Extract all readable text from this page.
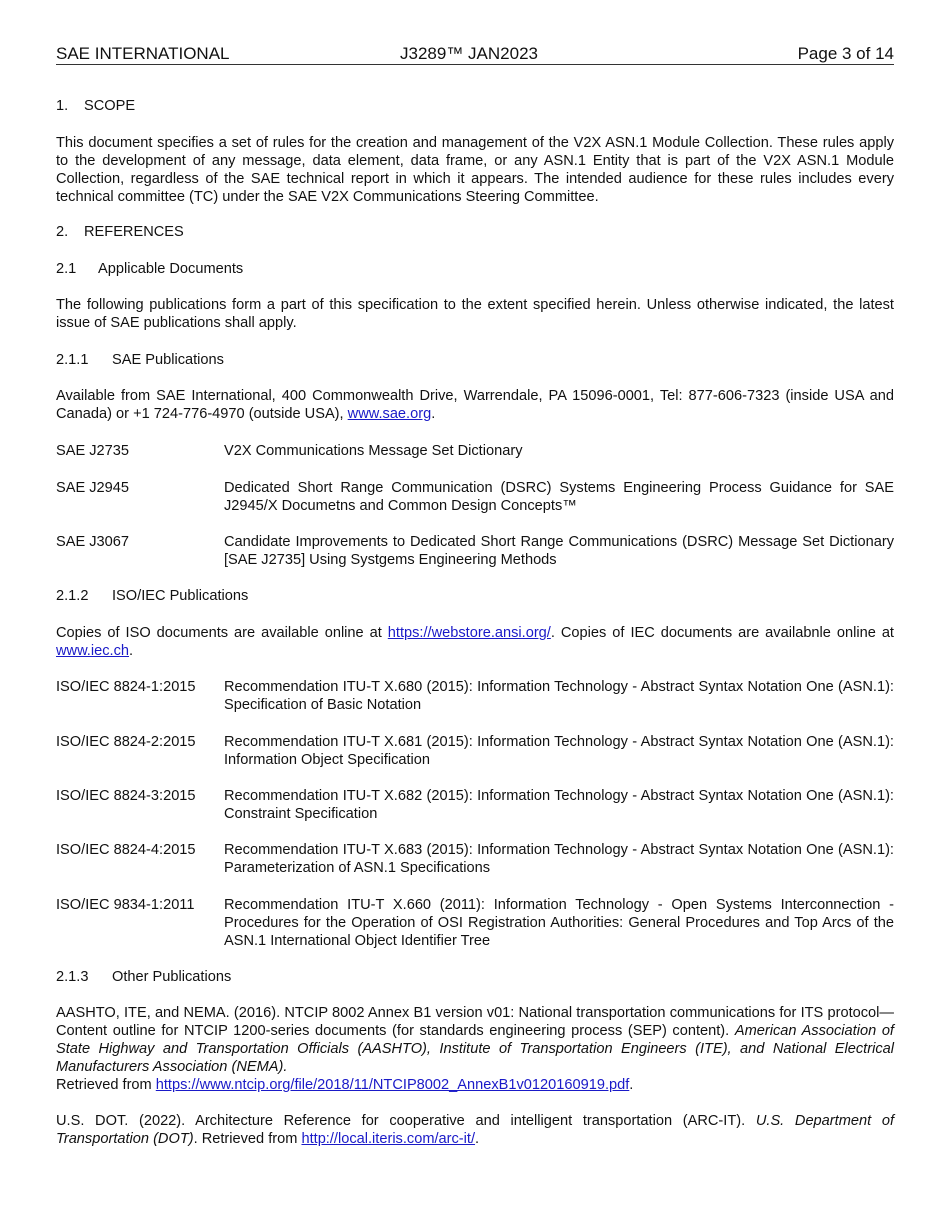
SAE INTERNATIONAL	J3289™ JAN2023	Page 3 of 14
1. SCOPE
This document specifies a set of rules for the creation and management of the V2X ASN.1 Module Collection. These rules apply to the development of any message, data element, data frame, or any ASN.1 Entity that is part of the V2X ASN.1 Module Collection, regardless of the SAE technical report in which it appears. The intended audience for these rules includes every technical committee (TC) under the SAE V2X Communications Steering Committee.
2. REFERENCES
2.1 Applicable Documents
The following publications form a part of this specification to the extent specified herein. Unless otherwise indicated, the latest issue of SAE publications shall apply.
2.1.1 SAE Publications
Available from SAE International, 400 Commonwealth Drive, Warrendale, PA 15096-0001, Tel: 877-606-7323 (inside USA and Canada) or +1 724-776-4970 (outside USA), www.sae.org.
SAE J2735	V2X Communications Message Set Dictionary
SAE J2945	Dedicated Short Range Communication (DSRC) Systems Engineering Process Guidance for SAE J2945/X Documetns and Common Design Concepts™
SAE J3067	Candidate Improvements to Dedicated Short Range Communications (DSRC) Message Set Dictionary [SAE J2735] Using Systgems Engineering Methods
2.1.2 ISO/IEC Publications
Copies of ISO documents are available online at https://webstore.ansi.org/. Copies of IEC documents are availabnle online at www.iec.ch.
ISO/IEC 8824-1:2015	Recommendation ITU-T X.680 (2015): Information Technology - Abstract Syntax Notation One (ASN.1): Specification of Basic Notation
ISO/IEC 8824-2:2015	Recommendation ITU-T X.681 (2015): Information Technology - Abstract Syntax Notation One (ASN.1): Information Object Specification
ISO/IEC 8824-3:2015	Recommendation ITU-T X.682 (2015): Information Technology - Abstract Syntax Notation One (ASN.1): Constraint Specification
ISO/IEC 8824-4:2015	Recommendation ITU-T X.683 (2015): Information Technology - Abstract Syntax Notation One (ASN.1): Parameterization of ASN.1 Specifications
ISO/IEC 9834-1:2011	Recommendation ITU-T X.660 (2011): Information Technology - Open Systems Interconnection - Procedures for the Operation of OSI Registration Authorities: General Procedures and Top Arcs of the ASN.1 International Object Identifier Tree
2.1.3 Other Publications
AASHTO, ITE, and NEMA. (2016). NTCIP 8002 Annex B1 version v01: National transportation communications for ITS protocol—Content outline for NTCIP 1200-series documents (for standards engineering process (SEP) content). American Association of State Highway and Transportation Officials (AASHTO), Institute of Transportation Engineers (ITE), and National Electrical Manufacturers Association (NEMA).
Retrieved from https://www.ntcip.org/file/2018/11/NTCIP8002_AnnexB1v0120160919.pdf.
U.S. DOT. (2022). Architecture Reference for cooperative and intelligent transportation (ARC-IT). U.S. Department of Transportation (DOT). Retrieved from http://local.iteris.com/arc-it/.
